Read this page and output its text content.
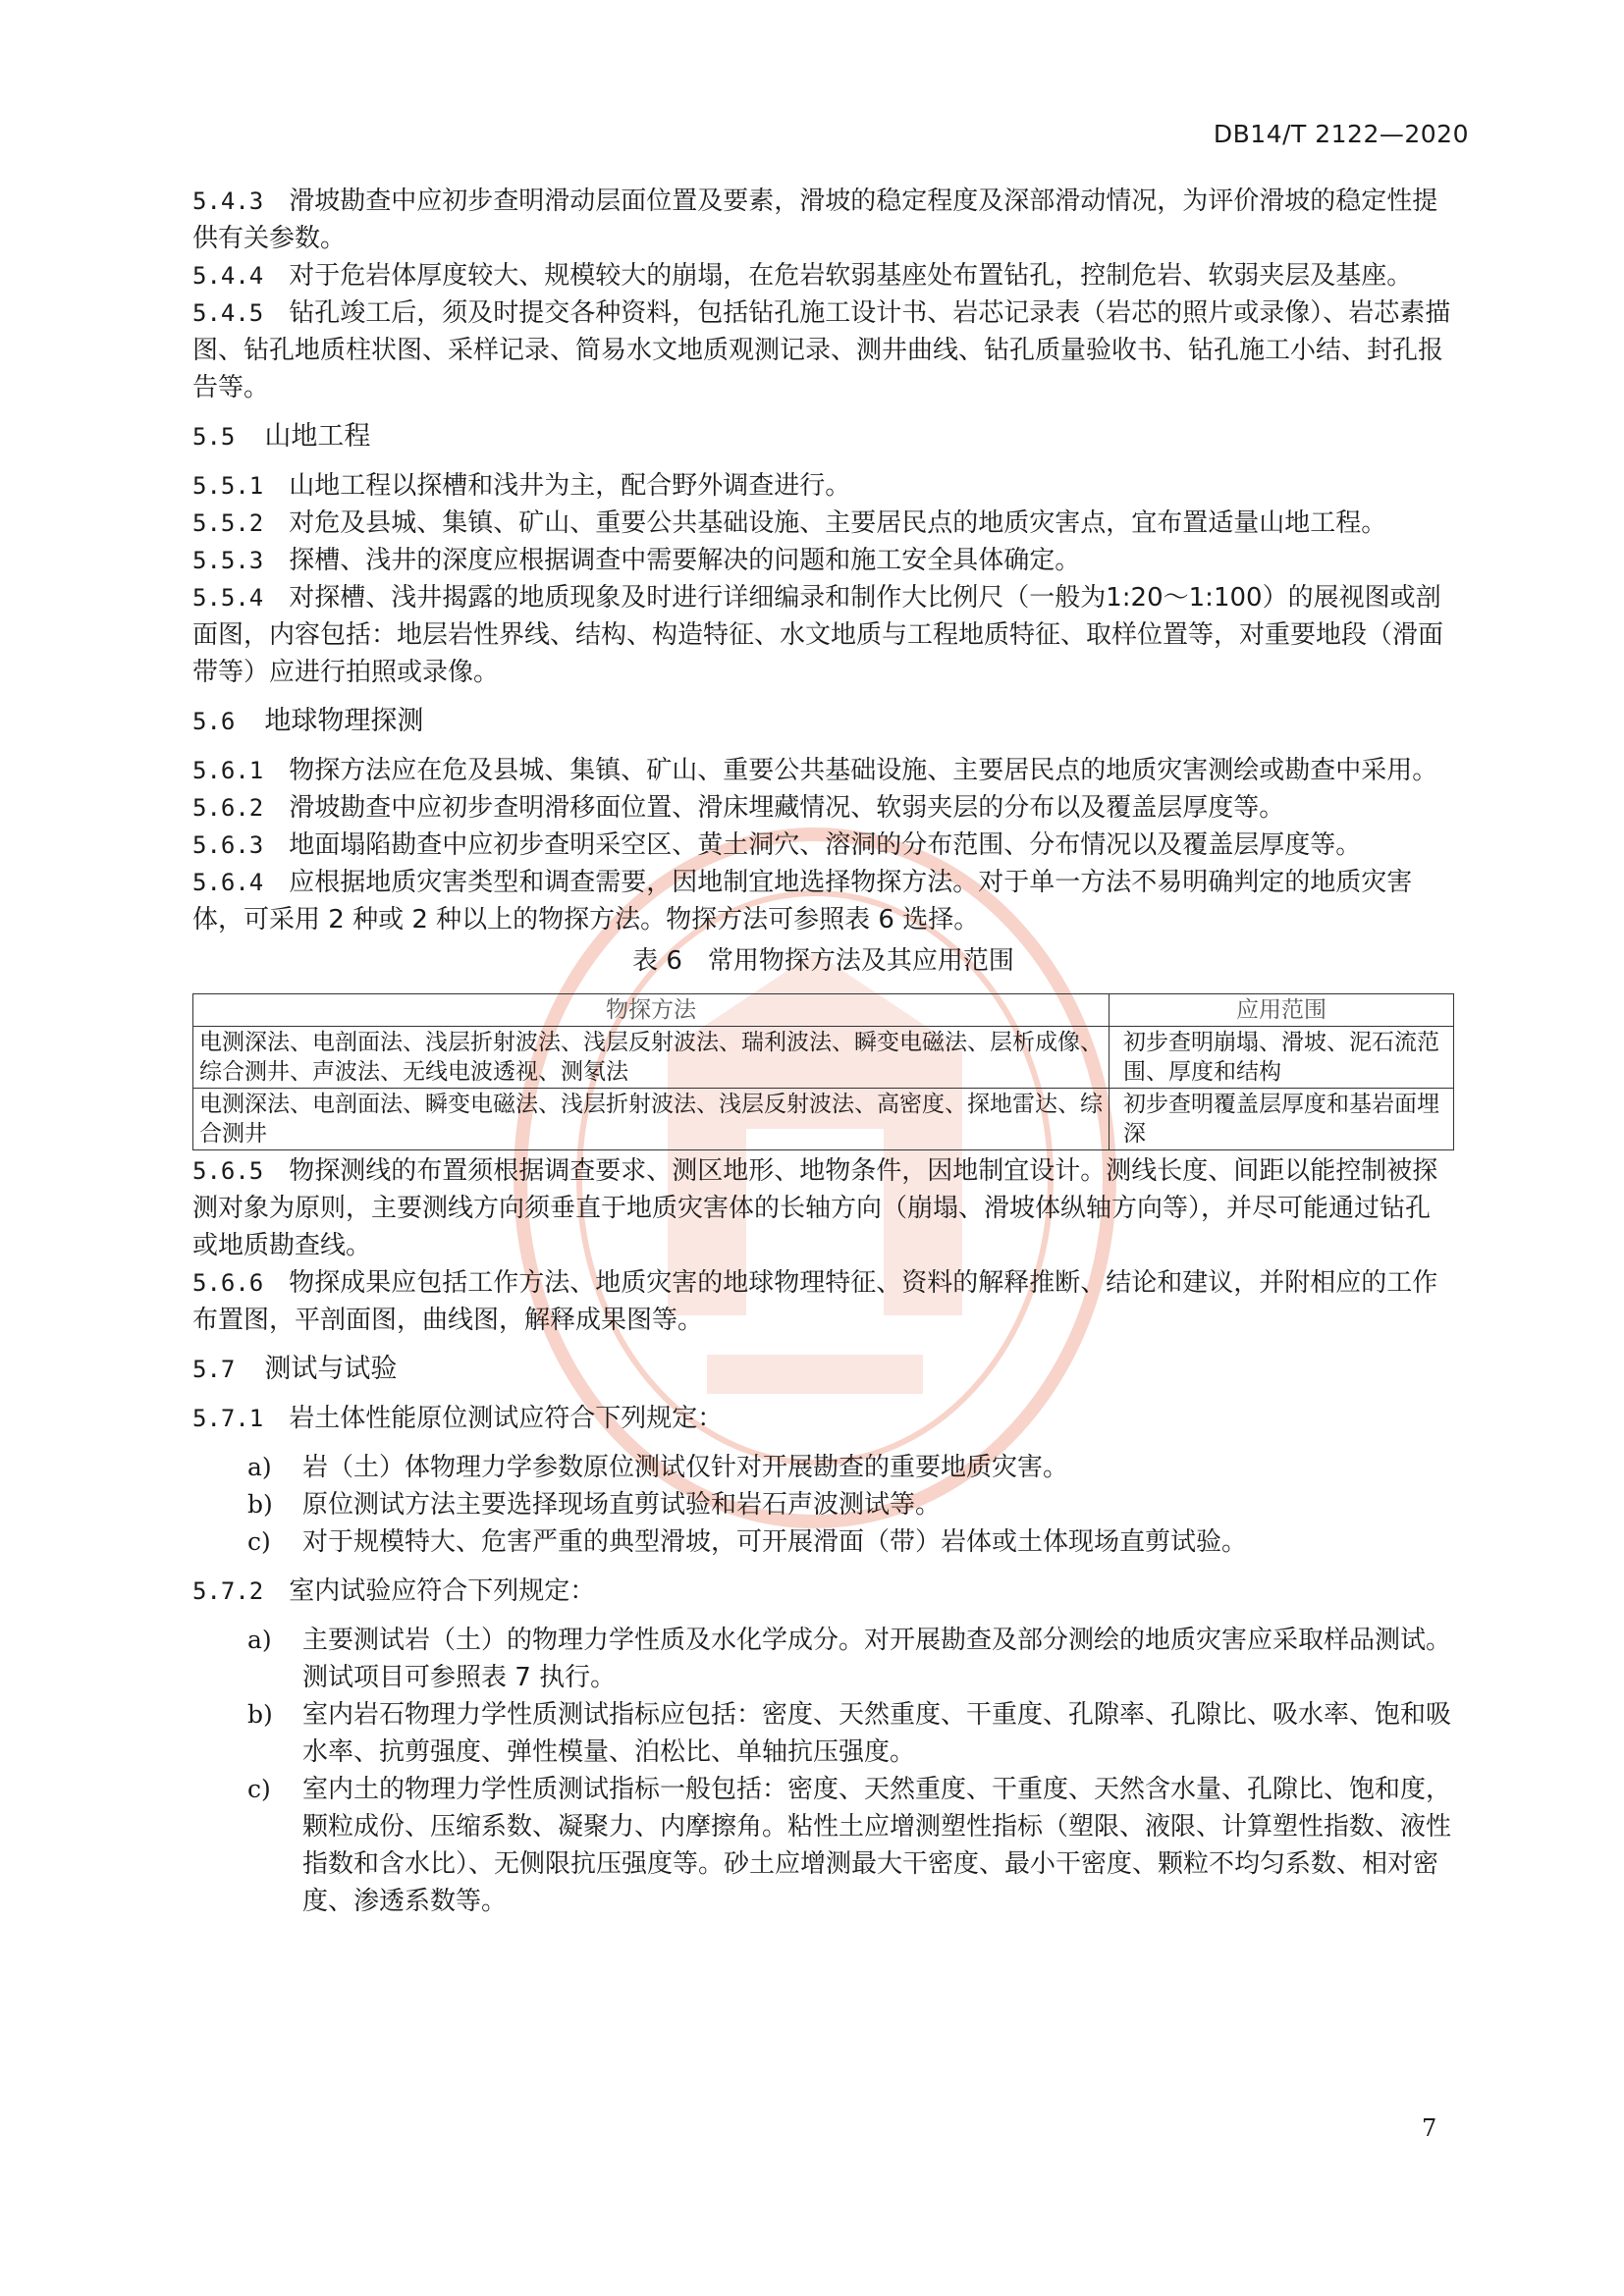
DB14/T 2122—2020

5.4.3 滑坡勘查中应初步查明滑动层面位置及要素，滑坡的稳定程度及深部滑动情况，为评价滑坡的稳定性提供有关参数。

5.4.4 对于危岩体厚度较大、规模较大的崩塌，在危岩软弱基座处布置钻孔，控制危岩、软弱夹层及基座。

5.4.5 钻孔竣工后，须及时提交各种资料，包括钻孔施工设计书、岩芯记录表（岩芯的照片或录像）、岩芯素描图、钻孔地质柱状图、采样记录、简易水文地质观测记录、测井曲线、钻孔质量验收书、钻孔施工小结、封孔报告等。

5.5 山地工程

5.5.1 山地工程以探槽和浅井为主，配合野外调查进行。

5.5.2 对危及县城、集镇、矿山、重要公共基础设施、主要居民点的地质灾害点，宜布置适量山地工程。

5.5.3 探槽、浅井的深度应根据调查中需要解决的问题和施工安全具体确定。

5.5.4 对探槽、浅井揭露的地质现象及时进行详细编录和制作大比例尺（一般为1:20～1:100）的展视图或剖面图，内容包括：地层岩性界线、结构、构造特征、水文地质与工程地质特征、取样位置等，对重要地段（滑面带等）应进行拍照或录像。

5.6 地球物理探测

5.6.1 物探方法应在危及县城、集镇、矿山、重要公共基础设施、主要居民点的地质灾害测绘或勘查中采用。

5.6.2 滑坡勘查中应初步查明滑移面位置、滑床埋藏情况、软弱夹层的分布以及覆盖层厚度等。

5.6.3 地面塌陷勘查中应初步查明采空区、黄土洞穴、溶洞的分布范围、分布情况以及覆盖层厚度等。

5.6.4 应根据地质灾害类型和调查需要，因地制宜地选择物探方法。对于单一方法不易明确判定的地质灾害体，可采用 2 种或 2 种以上的物探方法。物探方法可参照表 6 选择。

表 6 常用物探方法及其应用范围

物探方法	应用范围
电测深法、电剖面法、浅层折射波法、浅层反射波法、瑞利波法、瞬变电磁法、层析成像、综合测井、声波法、无线电波透视、测氡法	初步查明崩塌、滑坡、泥石流范围、厚度和结构
电测深法、电剖面法、瞬变电磁法、浅层折射波法、浅层反射波法、高密度、探地雷达、综合测井	初步查明覆盖层厚度和基岩面埋深

5.6.5 物探测线的布置须根据调查要求、测区地形、地物条件，因地制宜设计。测线长度、间距以能控制被探测对象为原则，主要测线方向须垂直于地质灾害体的长轴方向（崩塌、滑坡体纵轴方向等），并尽可能通过钻孔或地质勘查线。

5.6.6 物探成果应包括工作方法、地质灾害的地球物理特征、资料的解释推断、结论和建议，并附相应的工作布置图，平剖面图，曲线图，解释成果图等。

5.7 测试与试验

5.7.1 岩土体性能原位测试应符合下列规定：

a)	岩（土）体物理力学参数原位测试仅针对开展勘查的重要地质灾害。
b)	原位测试方法主要选择现场直剪试验和岩石声波测试等。
c)	对于规模特大、危害严重的典型滑坡，可开展滑面（带）岩体或土体现场直剪试验。

5.7.2 室内试验应符合下列规定：

a)	主要测试岩（土）的物理力学性质及水化学成分。对开展勘查及部分测绘的地质灾害应采取样品测试。测试项目可参照表 7 执行。
b)	室内岩石物理力学性质测试指标应包括：密度、天然重度、干重度、孔隙率、孔隙比、吸水率、饱和吸水率、抗剪强度、弹性模量、泊松比、单轴抗压强度。
c)	室内土的物理力学性质测试指标一般包括：密度、天然重度、干重度、天然含水量、孔隙比、饱和度，颗粒成份、压缩系数、凝聚力、内摩擦角。粘性土应增测塑性指标（塑限、液限、计算塑性指数、液性指数和含水比）、无侧限抗压强度等。砂土应增测最大干密度、最小干密度、颗粒不均匀系数、相对密度、渗透系数等。
7
